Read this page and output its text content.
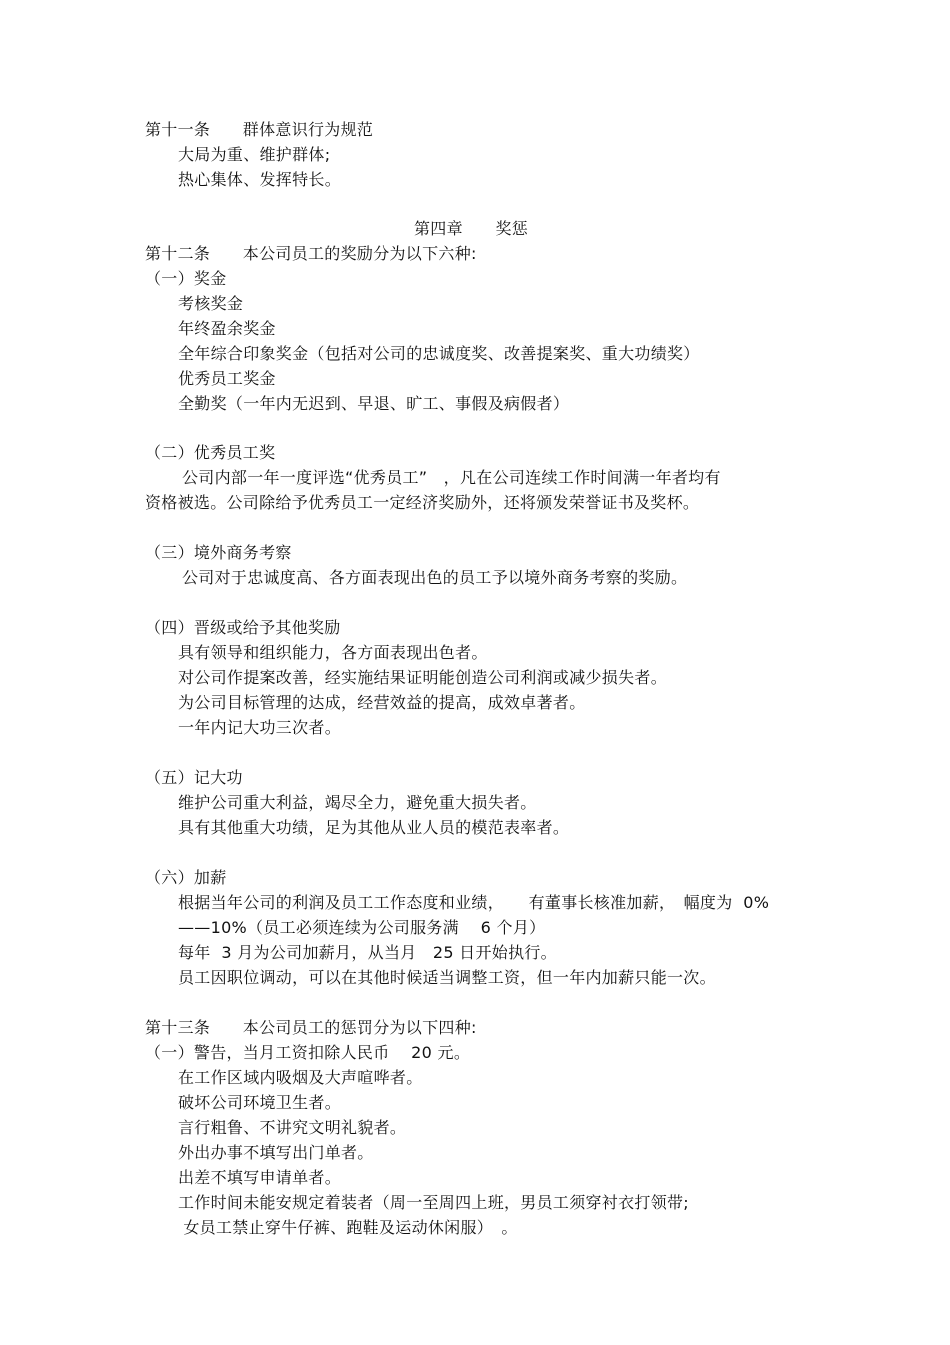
第十一条　　群体意识行为规范
大局为重、维护群体;
热心集体、发挥特长。
第四章　　奖惩
第十二条　　本公司员工的奖励分为以下六种:
（一）奖金
考核奖金
年终盈余奖金
全年综合印象奖金（包括对公司的忠诚度奖、改善提案奖、重大功绩奖）
优秀员工奖金
全勤奖（一年内无迟到、早退、旷工、事假及病假者）
（二）优秀员工奖
公司内部一年一度评选“优秀员工”　，凡在公司连续工作时间满一年者均有
资格被选。公司除给予优秀员工一定经济奖励外，还将颁发荣誉证书及奖杯。
（三）境外商务考察
公司对于忠诚度高、各方面表现出色的员工予以境外商务考察的奖励。
（四）晋级或给予其他奖励
具有领导和组织能力，各方面表现出色者。
对公司作提案改善，经实施结果证明能创造公司利润或减少损失者。
为公司目标管理的达成，经营效益的提高，成效卓著者。
一年内记大功三次者。
（五）记大功
维护公司重大利益，竭尽全力，避免重大损失者。
具有其他重大功绩，足为其他从业人员的模范表率者。
（六）加薪
根据当年公司的利润及员工工作态度和业绩，　　有董事长核准加薪，　幅度为  0%
——10%（员工必须连续为公司服务满　 6 个月）
每年  3 月为公司加薪月，从当月　25 日开始执行。
员工因职位调动，可以在其他时候适当调整工资，但一年内加薪只能一次。
第十三条　　本公司员工的惩罚分为以下四种:
（一）警告，当月工资扣除人民币　 20 元。
在工作区域内吸烟及大声喧哗者。
破坏公司环境卫生者。
言行粗鲁、不讲究文明礼貌者。
外出办事不填写出门单者。
出差不填写申请单者。
工作时间未能安规定着装者（周一至周四上班，男员工须穿衬衣打领带;
女员工禁止穿牛仔裤、跑鞋及运动休闲服）　。
